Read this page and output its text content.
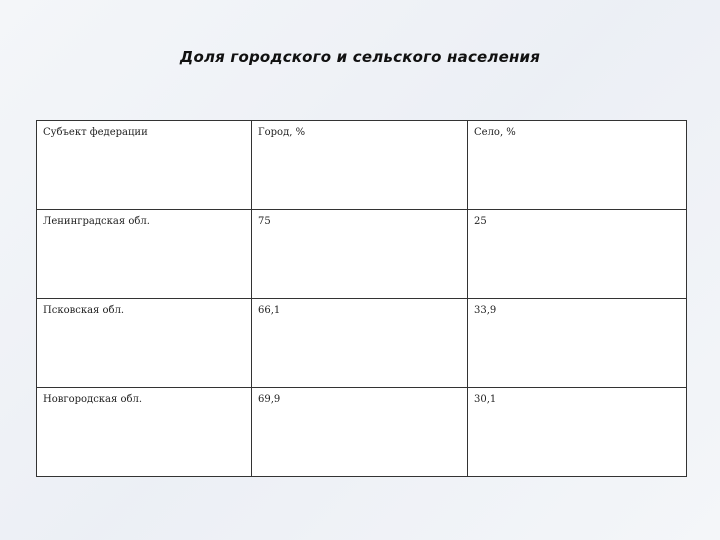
Доля городского и сельского населения
Субъект федерации	Город, %	Село, %
Ленинградская обл.	75	25
Псковская обл.	66,1	33,9
Новгородская обл.	69,9	30,1
